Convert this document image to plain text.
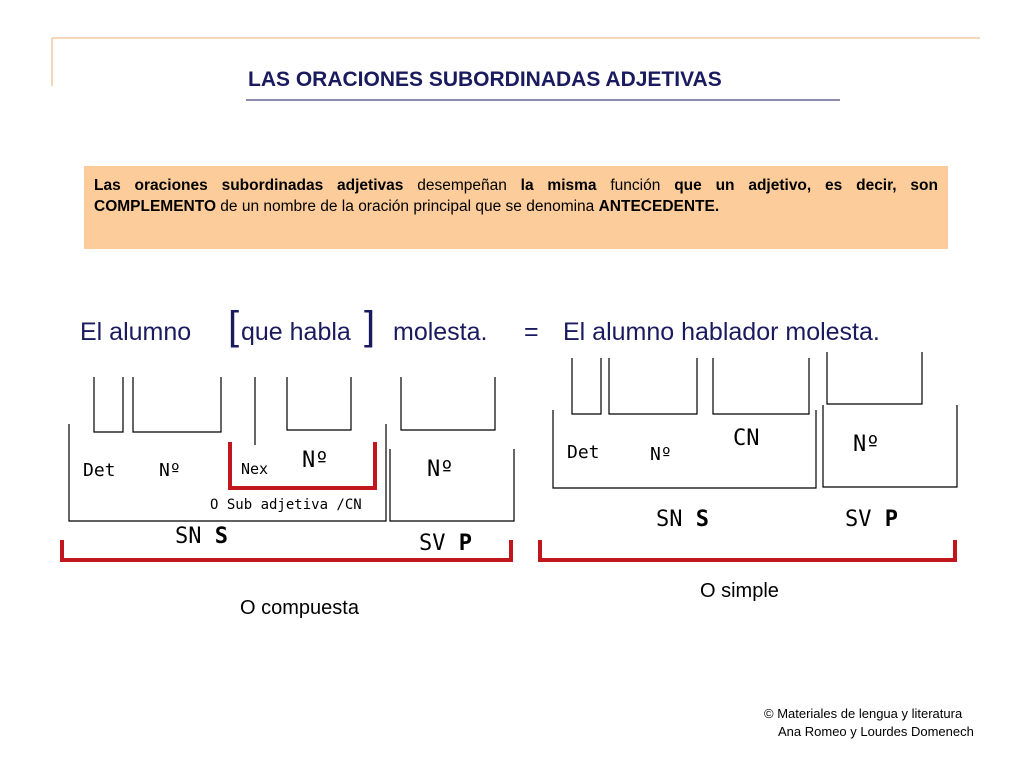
LAS ORACIONES SUBORDINADAS ADJETIVAS
Las oraciones subordinadas adjetivas desempeñan la misma función que un adjetivo, es decir, son COMPLEMENTO de un nombre de la oración principal que se denomina ANTECEDENTE.
El alumno [ que habla ] molesta. = El alumno hablador molesta.
Det Nº	Nex Nº	Nº
O Sub adjetiva /CN
SN S	SV P
O compuesta
Det	Nº
CN	Nº
SN S	SV P
O simple
© Materiales de lengua y literatura
Ana Romeo y Lourdes Domenech
